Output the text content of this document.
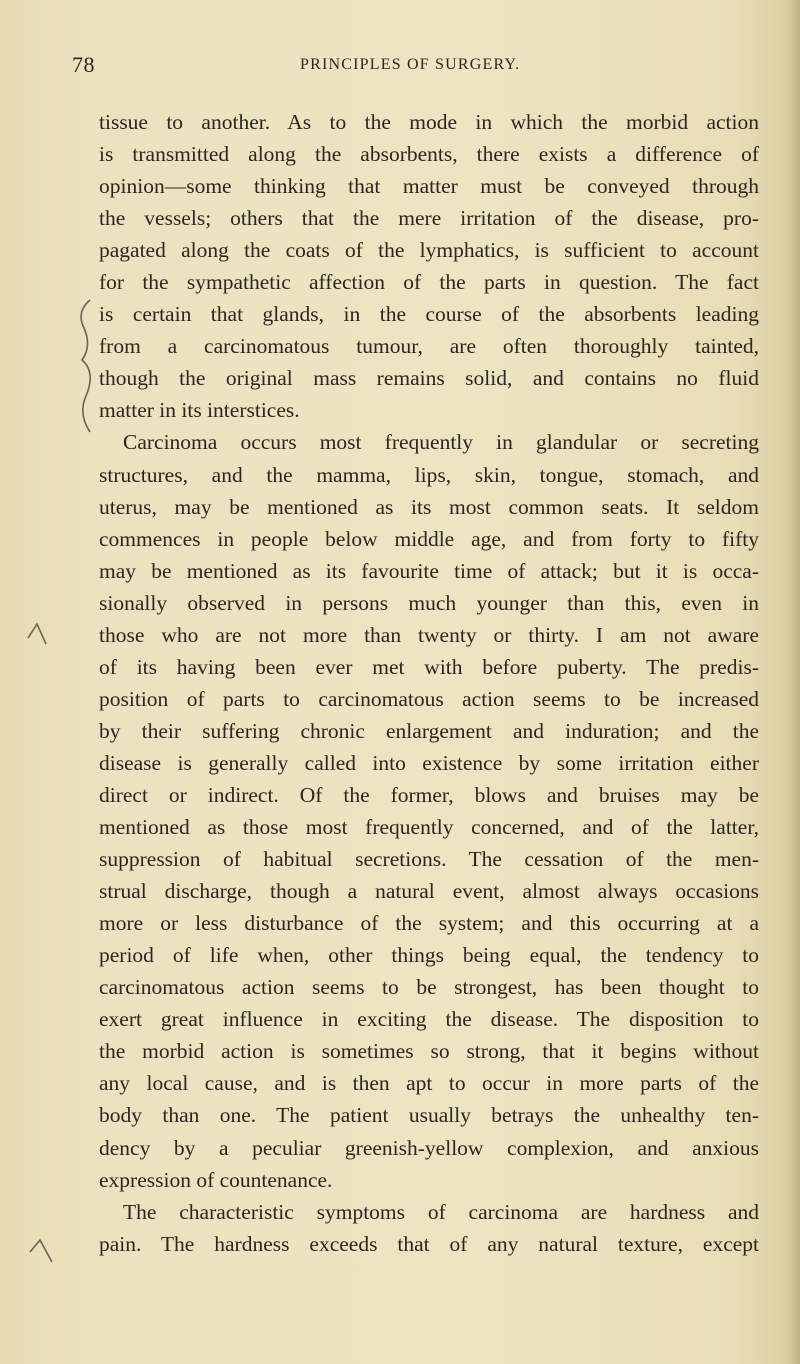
78	PRINCIPLES OF SURGERY.
tissue to another. As to the mode in which the morbid action
is transmitted along the absorbents, there exists a difference of
opinion—some thinking that matter must be conveyed through
the vessels; others that the mere irritation of the disease, pro-
pagated along the coats of the lymphatics, is sufficient to account
for the sympathetic affection of the parts in question. The fact
is certain that glands, in the course of the absorbents leading
from a carcinomatous tumour, are often thoroughly tainted,
though the original mass remains solid, and contains no fluid
matter in its interstices.
Carcinoma occurs most frequently in glandular or secreting
structures, and the mamma, lips, skin, tongue, stomach, and
uterus, may be mentioned as its most common seats. It seldom
commences in people below middle age, and from forty to fifty
may be mentioned as its favourite time of attack; but it is occa-
sionally observed in persons much younger than this, even in
those who are not more than twenty or thirty. I am not aware
of its having been ever met with before puberty. The predis-
position of parts to carcinomatous action seems to be increased
by their suffering chronic enlargement and induration; and the
disease is generally called into existence by some irritation either
direct or indirect. Of the former, blows and bruises may be
mentioned as those most frequently concerned, and of the latter,
suppression of habitual secretions. The cessation of the men-
strual discharge, though a natural event, almost always occasions
more or less disturbance of the system; and this occurring at a
period of life when, other things being equal, the tendency to
carcinomatous action seems to be strongest, has been thought to
exert great influence in exciting the disease. The disposition to
the morbid action is sometimes so strong, that it begins without
any local cause, and is then apt to occur in more parts of the
body than one. The patient usually betrays the unhealthy ten-
dency by a peculiar greenish-yellow complexion, and anxious
expression of countenance.
The characteristic symptoms of carcinoma are hardness and
pain. The hardness exceeds that of any natural texture, except
